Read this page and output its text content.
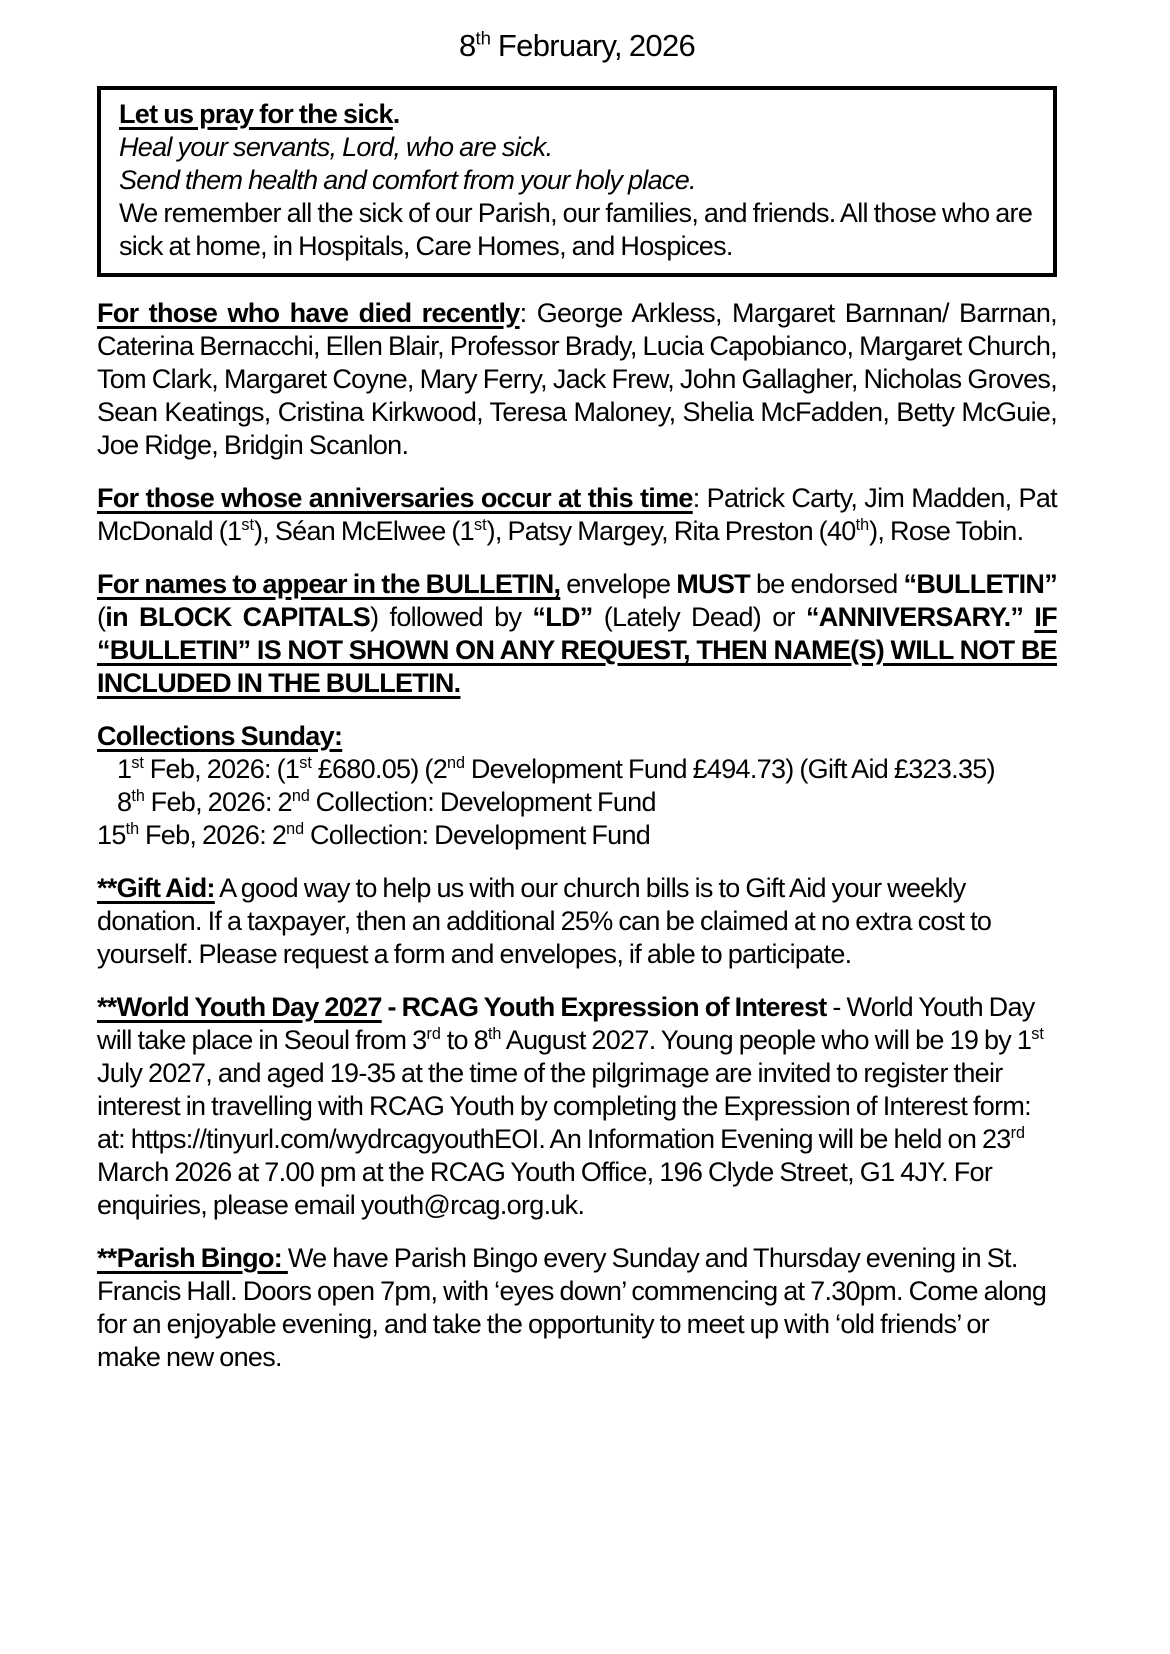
8th February, 2026

Let us pray for the sick.

Heal your servants, Lord, who are sick.

Send them health and comfort from your holy place.

We remember all the sick of our Parish, our families, and friends. All those who are sick at home, in Hospitals, Care Homes, and Hospices.

For those who have died recently: George Arkless, Margaret Barnnan/ Barrnan, Caterina Bernacchi, Ellen Blair, Professor Brady, Lucia Capobianco, Margaret Church, Tom Clark, Margaret Coyne, Mary Ferry, Jack Frew, John Gallagher, Nicholas Groves, Sean Keatings, Cristina Kirkwood, Teresa Maloney, Shelia McFadden, Betty McGuie, Joe Ridge, Bridgin Scanlon.

For those whose anniversaries occur at this time: Patrick Carty, Jim Madden, Pat McDonald (1st), Séan McElwee (1st), Patsy Margey, Rita Preston (40th), Rose Tobin.

For names to appear in the BULLETIN, envelope MUST be endorsed “BULLETIN” (in BLOCK CAPITALS) followed by “LD” (Lately Dead) or “ANNIVERSARY.” IF “BULLETIN” IS NOT SHOWN ON ANY REQUEST, THEN NAME(S) WILL NOT BE INCLUDED IN THE BULLETIN.

Collections Sunday:

1st Feb, 2026: (1st £680.05) (2nd Development Fund £494.73) (Gift Aid £323.35)

8th Feb, 2026: 2nd Collection: Development Fund

15th Feb, 2026: 2nd Collection: Development Fund

**Gift Aid: A good way to help us with our church bills is to Gift Aid your weekly donation. If a taxpayer, then an additional 25% can be claimed at no extra cost to yourself. Please request a form and envelopes, if able to participate.

**World Youth Day 2027 - RCAG Youth Expression of Interest - World Youth Day will take place in Seoul from 3rd to 8th August 2027. Young people who will be 19 by 1st July 2027, and aged 19-35 at the time of the pilgrimage are invited to register their interest in travelling with RCAG Youth by completing the Expression of Interest form: at: https://tinyurl.com/wydrcagyouthEOI. An Information Evening will be held on 23rd March 2026 at 7.00 pm at the RCAG Youth Office, 196 Clyde Street, G1 4JY. For enquiries, please email youth@rcag.org.uk.

**Parish Bingo: We have Parish Bingo every Sunday and Thursday evening in St. Francis Hall. Doors open 7pm, with ‘eyes down’ commencing at 7.30pm. Come along for an enjoyable evening, and take the opportunity to meet up with ‘old friends’ or make new ones.
